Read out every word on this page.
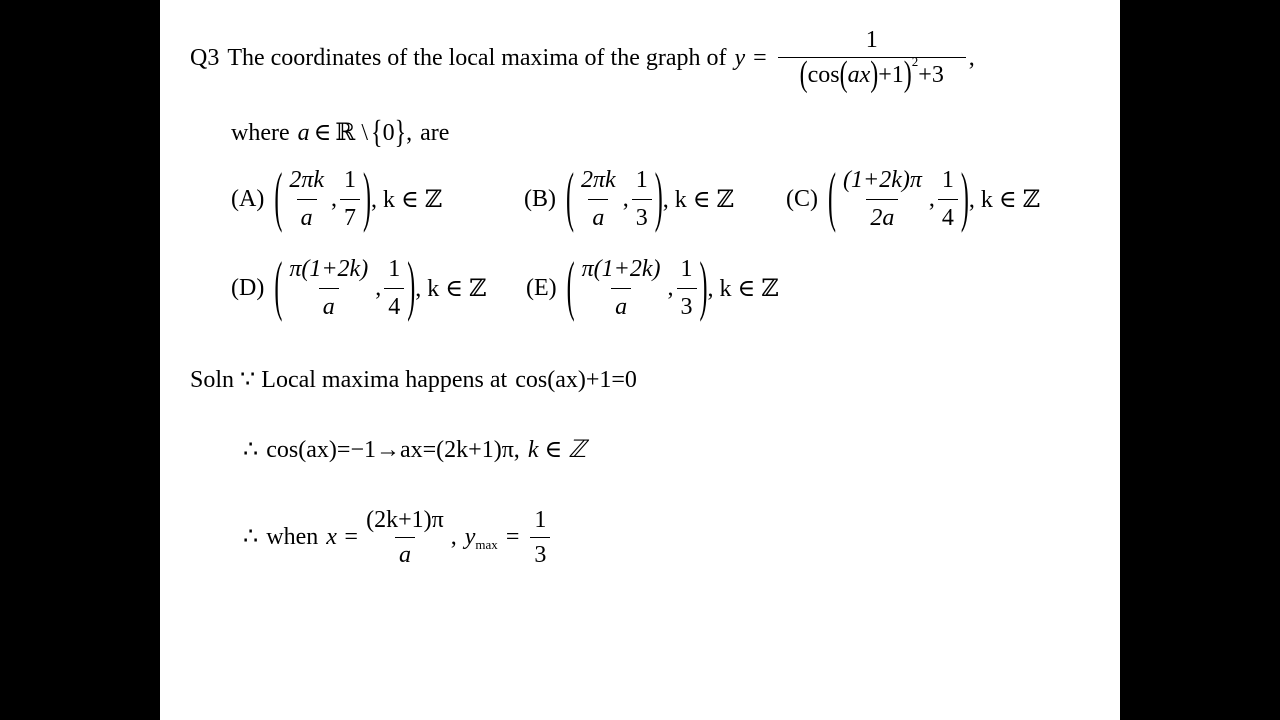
Q3 The coordinates of the local maxima of the graph of y =
1
( cos ( ax ) +1 ) 2
+3
,
where a ∈ ℝ \ { 0 } , are
(A) ( $\frac{2\pi k}{a}$ , $\frac{1}{7}$ ) , k ∈ ℤ	(B) ( $\frac{2\pi k}{a}$ , $\frac{1}{3}$ ) , k ∈ ℤ (C) ( $\frac{(1+2k)\pi}{2a}$ , $\frac{1}{4}$ ) , k ∈ ℤ
(D) ( $\frac{\pi(1+2k)}{a}$ , $\frac{1}{4}$ ) , k ∈ ℤ (E) ( $\frac{\pi(1+2k)}{a}$ , $\frac{1}{3}$ ) , k ∈ ℤ
Soln ∵ Local maxima happens at cos(ax)+1=0
∴ cos(ax)=−1→ax=(2k+1)π, k ∈ ℤ
∴ when $x = \frac{(2k+1)\pi}{a}$ , y $\max = \frac{1}{3}$
